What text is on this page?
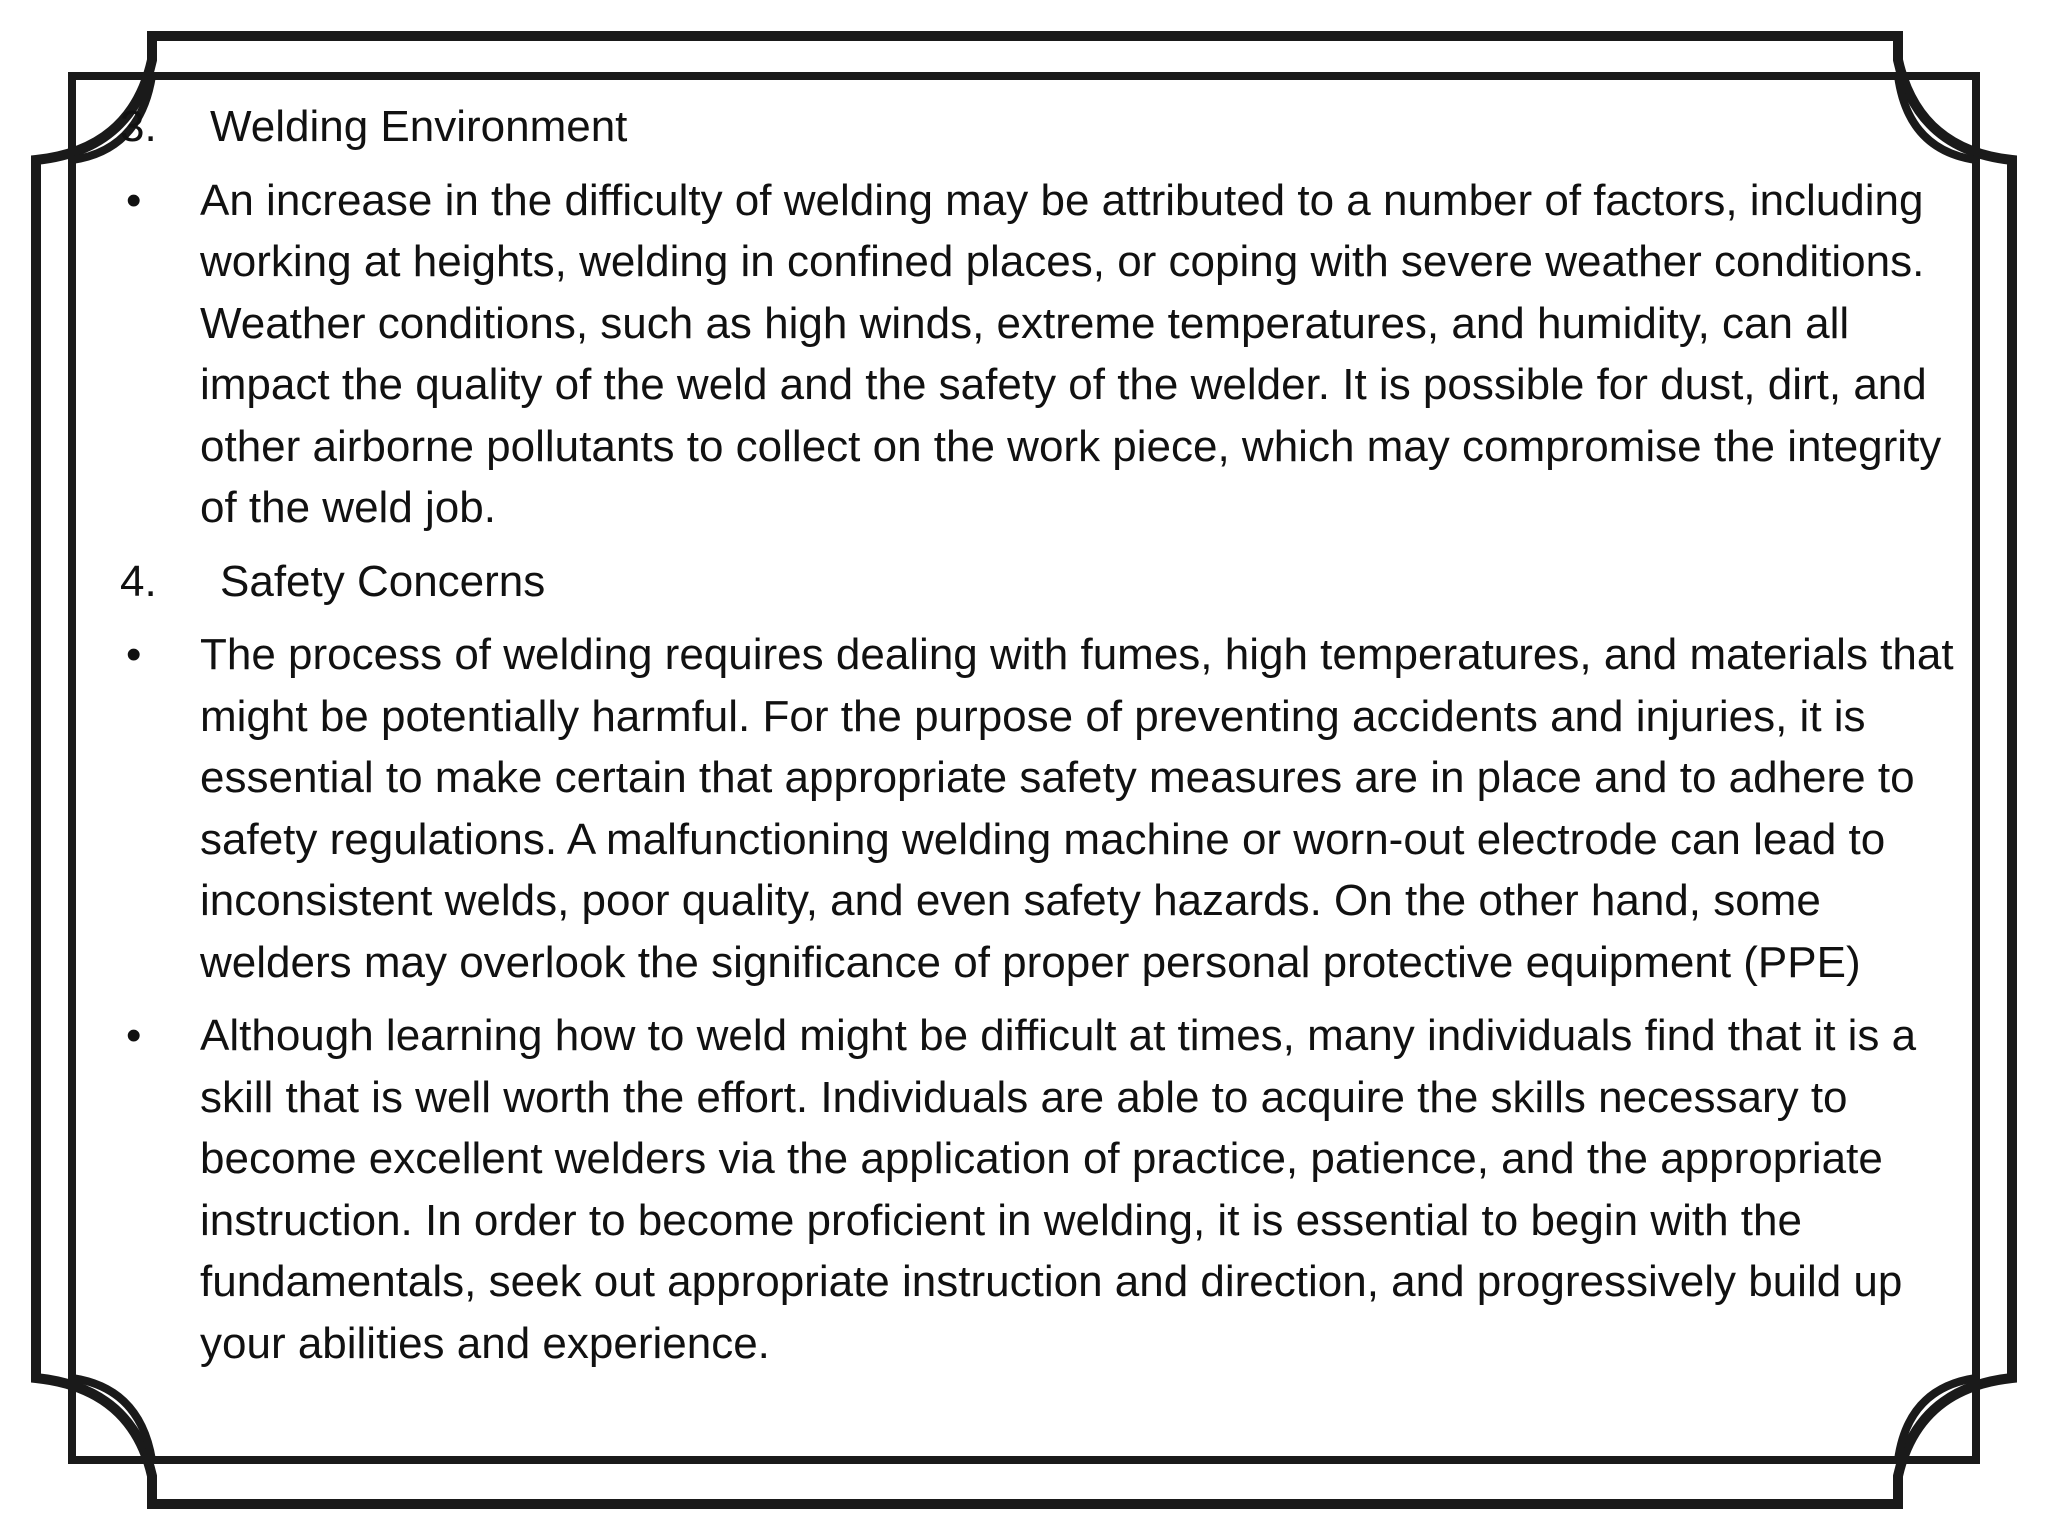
3.	Welding Environment
•	An increase in the difficulty of welding may be attributed to a number of factors, including working at heights, welding in confined places, or coping with severe weather conditions. Weather conditions, such as high winds, extreme temperatures, and humidity, can all impact the quality of the weld and the safety of the welder. It is possible for dust, dirt, and other airborne pollutants to collect on the work piece, which may compromise the integrity of the weld job.
4.	Safety Concerns
•	The process of welding requires dealing with fumes, high temperatures, and materials that might be potentially harmful. For the purpose of preventing accidents and injuries, it is essential to make certain that appropriate safety measures are in place and to adhere to safety regulations. A malfunctioning welding machine or worn-out electrode can lead to inconsistent welds, poor quality, and even safety hazards. On the other hand, some welders may overlook the significance of proper personal protective equipment (PPE)
•	Although learning how to weld might be difficult at times, many individuals find that it is a skill that is well worth the effort. Individuals are able to acquire the skills necessary to become excellent welders via the application of practice, patience, and the appropriate instruction. In order to become proficient in welding, it is essential to begin with the fundamentals, seek out appropriate instruction and direction, and progressively build up your abilities and experience.
